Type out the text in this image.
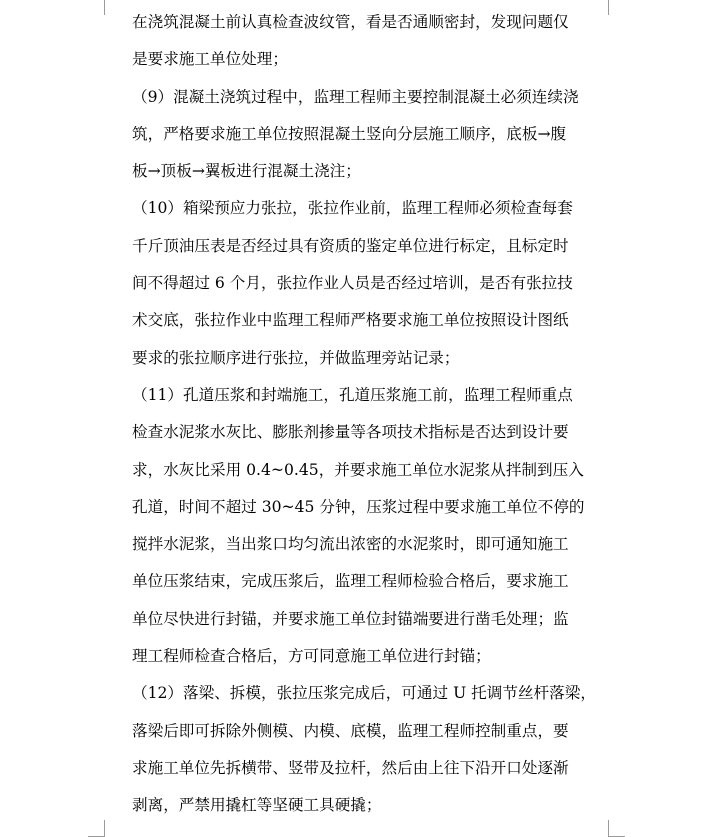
在浇筑混凝土前认真检查波纹管，看是否通顺密封，发现问题仅
是要求施工单位处理；
（9）混凝土浇筑过程中，监理工程师主要控制混凝土必须连续浇
筑，严格要求施工单位按照混凝土竖向分层施工顺序，底板→腹
板→顶板→翼板进行混凝土浇注；
（10）箱梁预应力张拉，张拉作业前，监理工程师必须检查每套
千斤顶油压表是否经过具有资质的鉴定单位进行标定，且标定时
间不得超过 6 个月，张拉作业人员是否经过培训，是否有张拉技
术交底，张拉作业中监理工程师严格要求施工单位按照设计图纸
要求的张拉顺序进行张拉，并做监理旁站记录；
（11）孔道压浆和封端施工，孔道压浆施工前，监理工程师重点
检查水泥浆水灰比、膨胀剂掺量等各项技术指标是否达到设计要
求，水灰比采用 0.4~0.45，并要求施工单位水泥浆从拌制到压入
孔道，时间不超过 30~45 分钟，压浆过程中要求施工单位不停的
搅拌水泥浆，当出浆口均匀流出浓密的水泥浆时，即可通知施工
单位压浆结束，完成压浆后，监理工程师检验合格后，要求施工
单位尽快进行封锚，并要求施工单位封锚端要进行凿毛处理；监
理工程师检查合格后，方可同意施工单位进行封锚；
（12）落梁、拆模，张拉压浆完成后，可通过 U 托调节丝杆落梁，
落梁后即可拆除外侧模、内模、底模，监理工程师控制重点，要
求施工单位先拆横带、竖带及拉杆，然后由上往下沿开口处逐渐
剥离，严禁用撬杠等坚硬工具硬撬；
